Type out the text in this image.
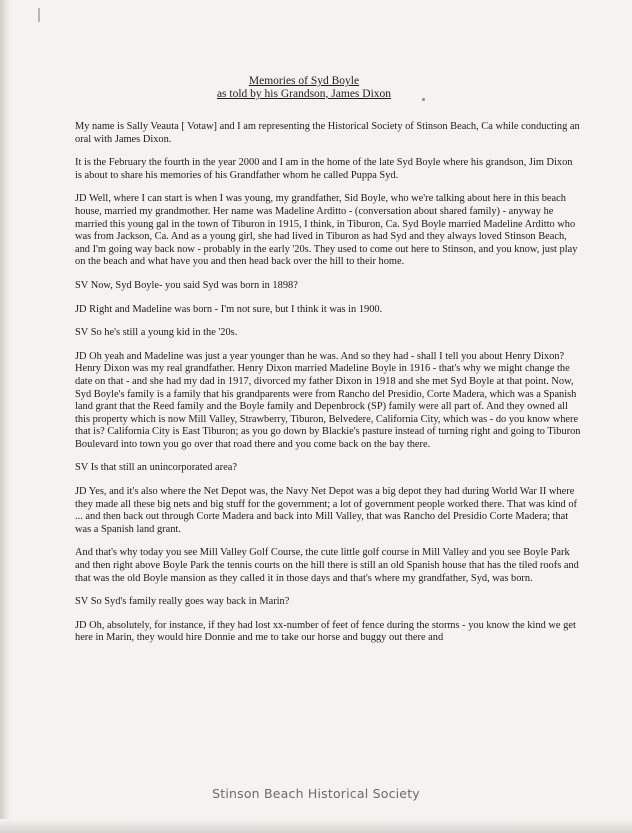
Memories of Syd Boyle

as told by his Grandson, James Dixon

My name is Sally Veauta [ Votaw] and I am representing the Historical Society of Stinson Beach, Ca while conducting an oral with James Dixon.

It is the February the fourth in the year 2000 and I am in the home of the late Syd Boyle where his grandson, Jim Dixon is about to share his memories of his Grandfather whom he called Puppa Syd.

JD Well, where I can start is when I was young, my grandfather, Sid Boyle, who we're talking about here in this beach house, married my grandmother. Her name was Madeline Arditto - (conversation about shared family) - anyway he married this young gal in the town of Tiburon in 1915, I think, in Tiburon, Ca. Syd Boyle married Madeline Arditto who was from Jackson, Ca. And as a young girl, she had lived in Tiburon as had Syd and they always loved Stinson Beach, and I'm going way back now - probably in the early '20s. They used to come out here to Stinson, and you know, just play on the beach and what have you and then head back over the hill to their home.

SV Now, Syd Boyle- you said Syd was born in 1898?

JD Right and Madeline was born - I'm not sure, but I think it was in 1900.

SV So he's still a young kid in the '20s.

JD Oh yeah and Madeline was just a year younger than he was. And so they had - shall I tell you about Henry Dixon? Henry Dixon was my real grandfather. Henry Dixon married Madeline Boyle in 1916 - that's why we might change the date on that - and she had my dad in 1917, divorced my father Dixon in 1918 and she met Syd Boyle at that point. Now, Syd Boyle's family is a family that his grandparents were from Rancho del Presidio, Corte Madera, which was a Spanish land grant that the Reed family and the Boyle family and Depenbrock (SP) family were all part of. And they owned all this property which is now Mill Valley, Strawberry, Tiburon, Belvedere, California City, which was - do you know where that is? California City is East Tiburon; as you go down by Blackie's pasture instead of turning right and going to Tiburon Boulevard into town you go over that road there and you come back on the bay there.

SV Is that still an unincorporated area?

JD Yes, and it's also where the Net Depot was, the Navy Net Depot was a big depot they had during World War II where they made all these big nets and big stuff for the government; a lot of government people worked there. That was kind of ... and then back out through Corte Madera and back into Mill Valley, that was Rancho del Presidio Corte Madera; that was a Spanish land grant.

And that's why today you see Mill Valley Golf Course, the cute little golf course in Mill Valley and you see Boyle Park and then right above Boyle Park the tennis courts on the hill there is still an old Spanish house that has the tiled roofs and that was the old Boyle mansion as they called it in those days and that's where my grandfather, Syd, was born.

SV So Syd's family really goes way back in Marin?

JD Oh, absolutely, for instance, if they had lost xx-number of feet of fence during the storms - you know the kind we get here in Marin, they would hire Donnie and me to take our horse and buggy out there and

Stinson Beach Historical Society
